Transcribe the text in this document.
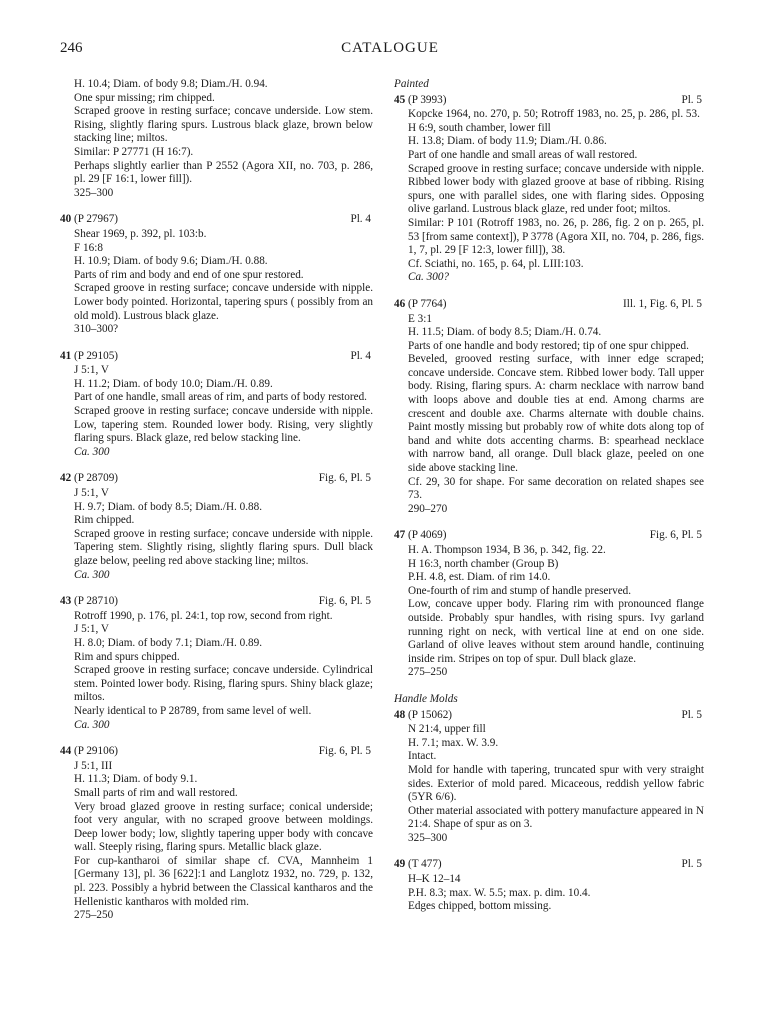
246	CATALOGUE

H. 10.4; Diam. of body 9.8; Diam./H. 0.94.

One spur missing; rim chipped.

Scraped groove in resting surface; concave underside. Low stem. Rising, slightly flaring spurs. Lustrous black glaze, brown below stacking line; miltos.

Similar: P 27771 (H 16:7).

Perhaps slightly earlier than P 2552 (Agora XII, no. 703, p. 286, pl. 29 [F 16:1, lower fill]).

325–300

40 (P 27967)	Pl. 4

Shear 1969, p. 392, pl. 103:b.

F 16:8

H. 10.9; Diam. of body 9.6; Diam./H. 0.88.

Parts of rim and body and end of one spur restored.

Scraped groove in resting surface; concave underside with nipple. Lower body pointed. Horizontal, tapering spurs ( possibly from an old mold). Lustrous black glaze.

310–300?

41 (P 29105)	Pl. 4

J 5:1, V

H. 11.2; Diam. of body 10.0; Diam./H. 0.89.

Part of one handle, small areas of rim, and parts of body restored.

Scraped groove in resting surface; concave underside with nipple. Low, tapering stem. Rounded lower body. Rising, very slightly flaring spurs. Black glaze, red below stacking line.

Ca. 300

42 (P 28709)	Fig. 6, Pl. 5

J 5:1, V

H. 9.7; Diam. of body 8.5; Diam./H. 0.88.

Rim chipped.

Scraped groove in resting surface; concave underside with nipple. Tapering stem. Slightly rising, slightly flaring spurs. Dull black glaze below, peeling red above stacking line; miltos.

Ca. 300

43 (P 28710)	Fig. 6, Pl. 5

Rotroff 1990, p. 176, pl. 24:1, top row, second from right.

J 5:1, V

H. 8.0; Diam. of body 7.1; Diam./H. 0.89.

Rim and spurs chipped.

Scraped groove in resting surface; concave underside. Cylindrical stem. Pointed lower body. Rising, flaring spurs. Shiny black glaze; miltos.

Nearly identical to P 28789, from same level of well.

Ca. 300

44 (P 29106)	Fig. 6, Pl. 5

J 5:1, III

H. 11.3; Diam. of body 9.1.

Small parts of rim and wall restored.

Very broad glazed groove in resting surface; conical underside; foot very angular, with no scraped groove between moldings. Deep lower body; low, slightly tapering upper body with concave wall. Steeply rising, flaring spurs. Metallic black glaze.

For cup-kantharoi of similar shape cf. CVA, Mannheim 1 [Germany 13], pl. 36 [622]:1 and Langlotz 1932, no. 729, p. 132, pl. 223. Possibly a hybrid between the Classical kantharos and the Hellenistic kantharos with molded rim.

275–250

Painted
45 (P 3993)	Pl. 5

Kopcke 1964, no. 270, p. 50; Rotroff 1983, no. 25, p. 286, pl. 53.

H 6:9, south chamber, lower fill

H. 13.8; Diam. of body 11.9; Diam./H. 0.86.

Part of one handle and small areas of wall restored.

Scraped groove in resting surface; concave underside with nipple. Ribbed lower body with glazed groove at base of ribbing. Rising spurs, one with parallel sides, one with flaring sides. Opposing olive garland. Lustrous black glaze, red under foot; miltos.

Similar: P 101 (Rotroff 1983, no. 26, p. 286, fig. 2 on p. 265, pl. 53 [from same context]), P 3778 (Agora XII, no. 704, p. 286, figs. 1, 7, pl. 29 [F 12:3, lower fill]), 38.

Cf. Sciathi, no. 165, p. 64, pl. LIII:103.

Ca. 300?

46 (P 7764)	Ill. 1, Fig. 6, Pl. 5

E 3:1

H. 11.5; Diam. of body 8.5; Diam./H. 0.74.

Parts of one handle and body restored; tip of one spur chipped.

Beveled, grooved resting surface, with inner edge scraped; concave underside. Concave stem. Ribbed lower body. Tall upper body. Rising, flaring spurs. A: charm necklace with narrow band with loops above and double ties at end. Among charms are crescent and double axe. Charms alternate with double chains. Paint mostly missing but probably row of white dots along top of band and white dots accenting charms. B: spearhead necklace with narrow band, all orange. Dull black glaze, peeled on one side above stacking line.

Cf. 29, 30 for shape. For same decoration on related shapes see 73.

290–270

47 (P 4069)	Fig. 6, Pl. 5

H. A. Thompson 1934, B 36, p. 342, fig. 22.

H 16:3, north chamber (Group B)

P.H. 4.8, est. Diam. of rim 14.0.

One-fourth of rim and stump of handle preserved.

Low, concave upper body. Flaring rim with pronounced flange outside. Probably spur handles, with rising spurs. Ivy garland running right on neck, with vertical line at end on one side. Garland of olive leaves without stem around handle, continuing inside rim. Stripes on top of spur. Dull black glaze.

275–250

Handle Molds
48 (P 15062)	Pl. 5

N 21:4, upper fill

H. 7.1; max. W. 3.9.

Intact.

Mold for handle with tapering, truncated spur with very straight sides. Exterior of mold pared. Micaceous, reddish yellow fabric (5YR 6/6).

Other material associated with pottery manufacture appeared in N 21:4. Shape of spur as on 3.

325–300

49 (T 477)	Pl. 5

H–K 12–14

P.H. 8.3; max. W. 5.5; max. p. dim. 10.4.

Edges chipped, bottom missing.
